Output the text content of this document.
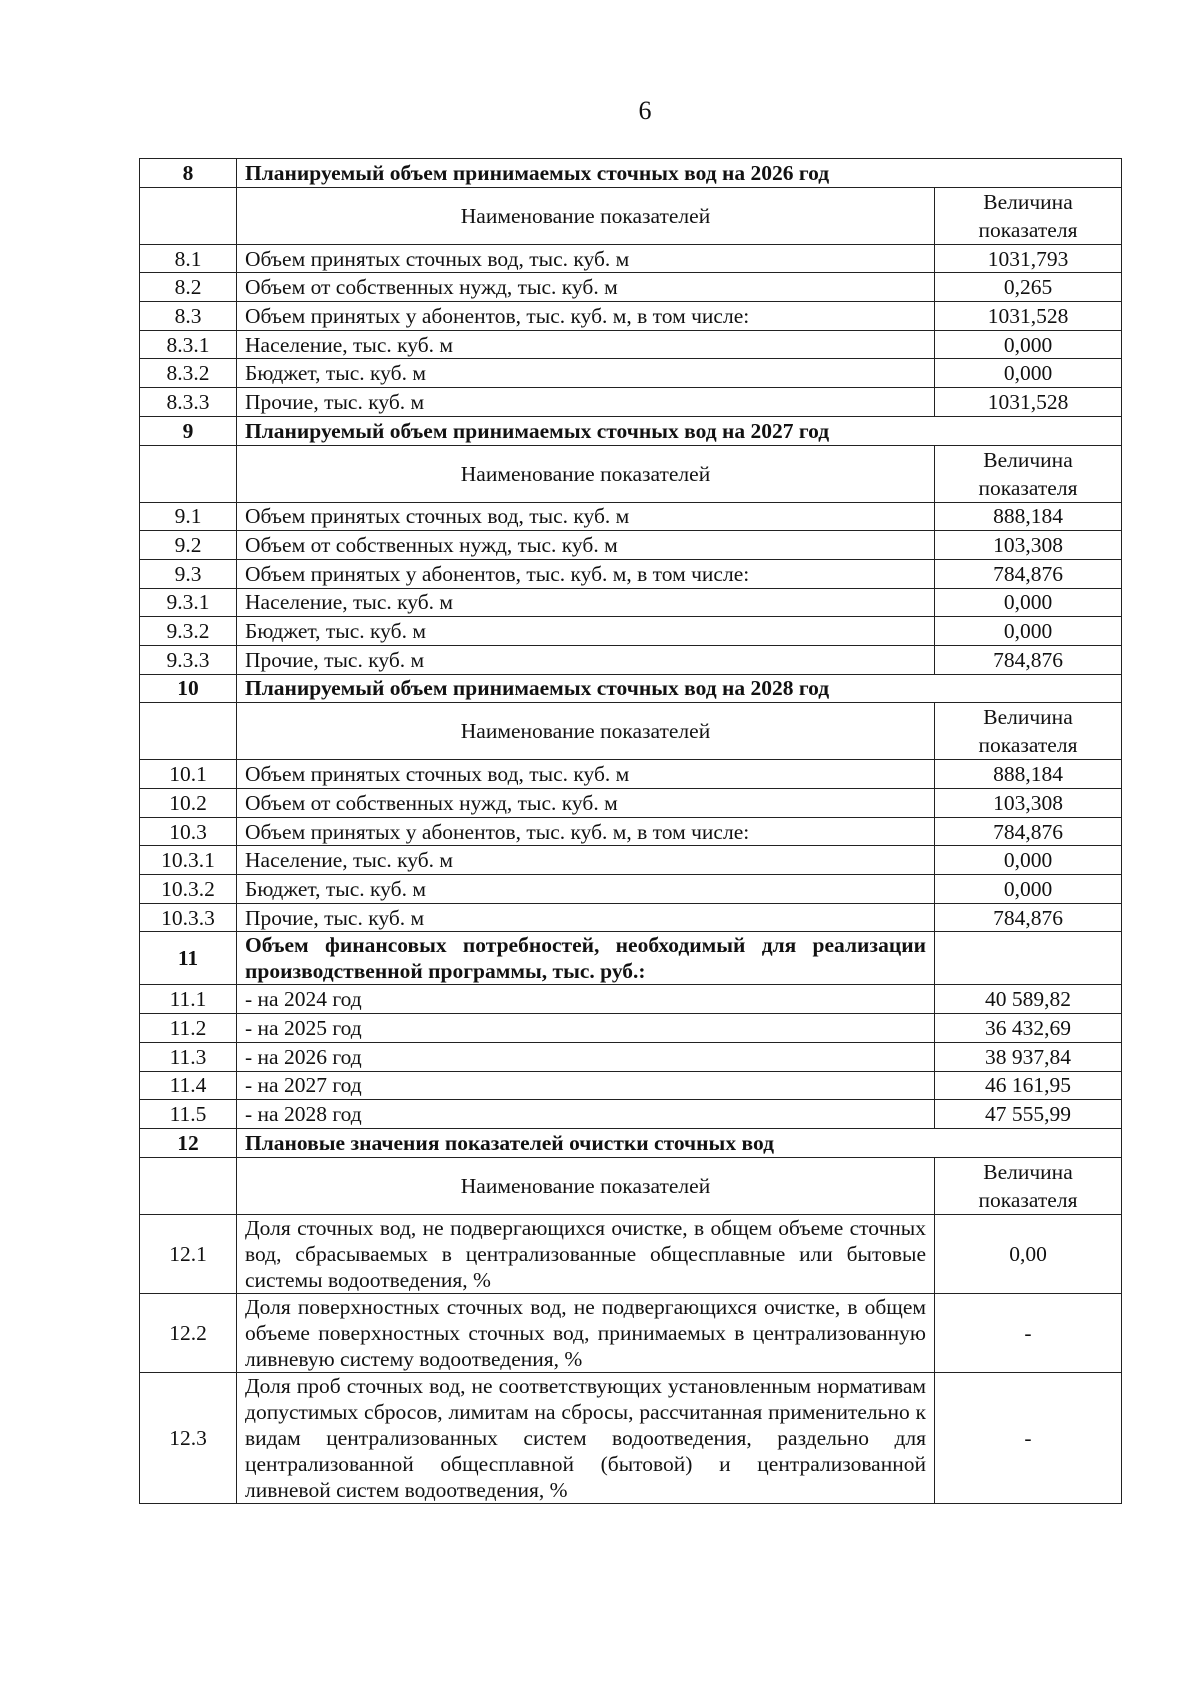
6
8	Планируемый объем принимаемых сточных вод на 2026 год	
	Наименование показателей	Величина
показателя
8.1	Объем принятых сточных вод, тыс. куб. м	1031,793
8.2	Объем от собственных нужд, тыс. куб. м	0,265
8.3	Объем принятых у абонентов, тыс. куб. м, в том числе:	1031,528
8.3.1	Население, тыс. куб. м	0,000
8.3.2	Бюджет, тыс. куб. м	0,000
8.3.3	Прочие, тыс. куб. м	1031,528
9	Планируемый объем принимаемых сточных вод на 2027 год	
	Наименование показателей	Величина
показателя
9.1	Объем принятых сточных вод, тыс. куб. м	888,184
9.2	Объем от собственных нужд, тыс. куб. м	103,308
9.3	Объем принятых у абонентов, тыс. куб. м, в том числе:	784,876
9.3.1	Население, тыс. куб. м	0,000
9.3.2	Бюджет, тыс. куб. м	0,000
9.3.3	Прочие, тыс. куб. м	784,876
10	Планируемый объем принимаемых сточных вод на 2028 год	
	Наименование показателей	Величина
показателя
10.1	Объем принятых сточных вод, тыс. куб. м	888,184
10.2	Объем от собственных нужд, тыс. куб. м	103,308
10.3	Объем принятых у абонентов, тыс. куб. м, в том числе:	784,876
10.3.1	Население, тыс. куб. м	0,000
10.3.2	Бюджет, тыс. куб. м	0,000
10.3.3	Прочие, тыс. куб. м	784,876
11	Объем финансовых потребностей, необходимый для реализации производственной программы, тыс. руб.:	
11.1	- на 2024 год	40 589,82
11.2	- на 2025 год	36 432,69
11.3	- на 2026 год	38 937,84
11.4	- на 2027 год	46 161,95
11.5	- на 2028 год	47 555,99
12	Плановые значения показателей очистки сточных вод	
	Наименование показателей	Величина
показателя
12.1	Доля сточных вод, не подвергающихся очистке, в общем объеме сточных вод, сбрасываемых в централизованные общесплавные или бытовые системы водоотведения, %	0,00
12.2	Доля поверхностных сточных вод, не подвергающихся очистке, в общем объеме поверхностных сточных вод, принимаемых в централизованную ливневую систему водоотведения, %	-
12.3	Доля проб сточных вод, не соответствующих установленным нормативам допустимых сбросов, лимитам на сбросы, рассчитанная применительно к видам централизованных систем водоотведения, раздельно для централизованной общесплавной (бытовой) и централизованной ливневой систем водоотведения, %	-
